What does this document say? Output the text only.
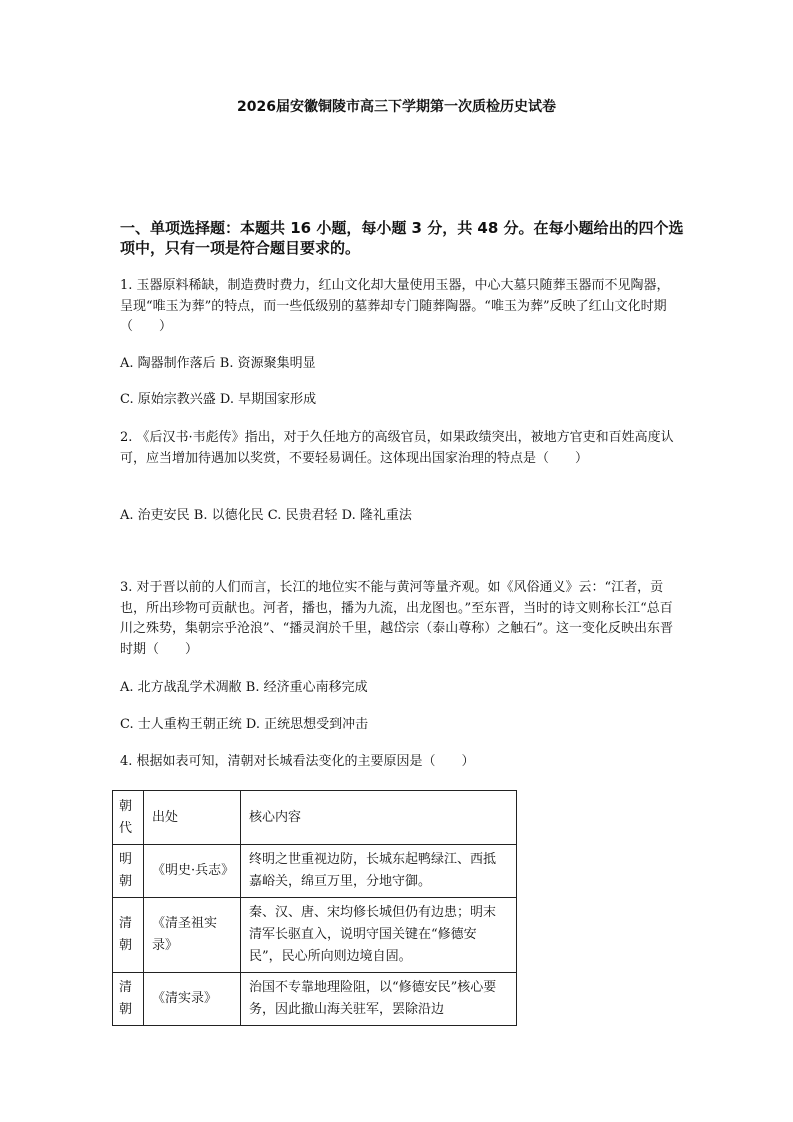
2026届安徽铜陵市高三下学期第一次质检历史试卷
一、单项选择题：本题共 16 小题，每小题 3 分，共 48 分。在每小题给出的四个选项中，只有一项是符合题目要求的。
1. 玉器原料稀缺，制造费时费力，红山文化却大量使用玉器，中心大墓只随葬玉器而不见陶器，呈现“唯玉为葬”的特点，而一些低级别的墓葬却专门随葬陶器。“唯玉为葬”反映了红山文化时期（　　）
A. 陶器制作落后 B. 资源聚集明显
C. 原始宗教兴盛 D. 早期国家形成
2. 《后汉书·韦彪传》指出，对于久任地方的高级官员，如果政绩突出，被地方官吏和百姓高度认可，应当增加待遇加以奖赏，不要轻易调任。这体现出国家治理的特点是（　　）
A. 治吏安民 B. 以德化民 C. 民贵君轻 D. 隆礼重法
3. 对于晋以前的人们而言，长江的地位实不能与黄河等量齐观。如《风俗通义》云：“江者，贡也，所出珍物可贡献也。河者，播也，播为九流，出龙图也。”至东晋，当时的诗文则称长江“总百川之殊势，集朝宗乎沧浪”、“播灵润於千里，越岱宗（泰山尊称）之触石”。这一变化反映出东晋时期（　　）
A. 北方战乱学术凋敝 B. 经济重心南移完成
C. 士人重构王朝正统 D. 正统思想受到冲击
4. 根据如表可知，清朝对长城看法变化的主要原因是（　　）
朝代	出处	核心内容
明朝	《明史·兵志》	终明之世重视边防，长城东起鸭绿江、西抵嘉峪关，绵亘万里，分地守御。
清朝	《清圣祖实录》	秦、汉、唐、宋均修长城但仍有边患；明末清军长驱直入，说明守国关键在“修德安民”，民心所向则边境自固。
清朝	《清实录》	治国不专靠地理险阻，以“修德安民”核心要务，因此撤山海关驻军，罢除沿边
